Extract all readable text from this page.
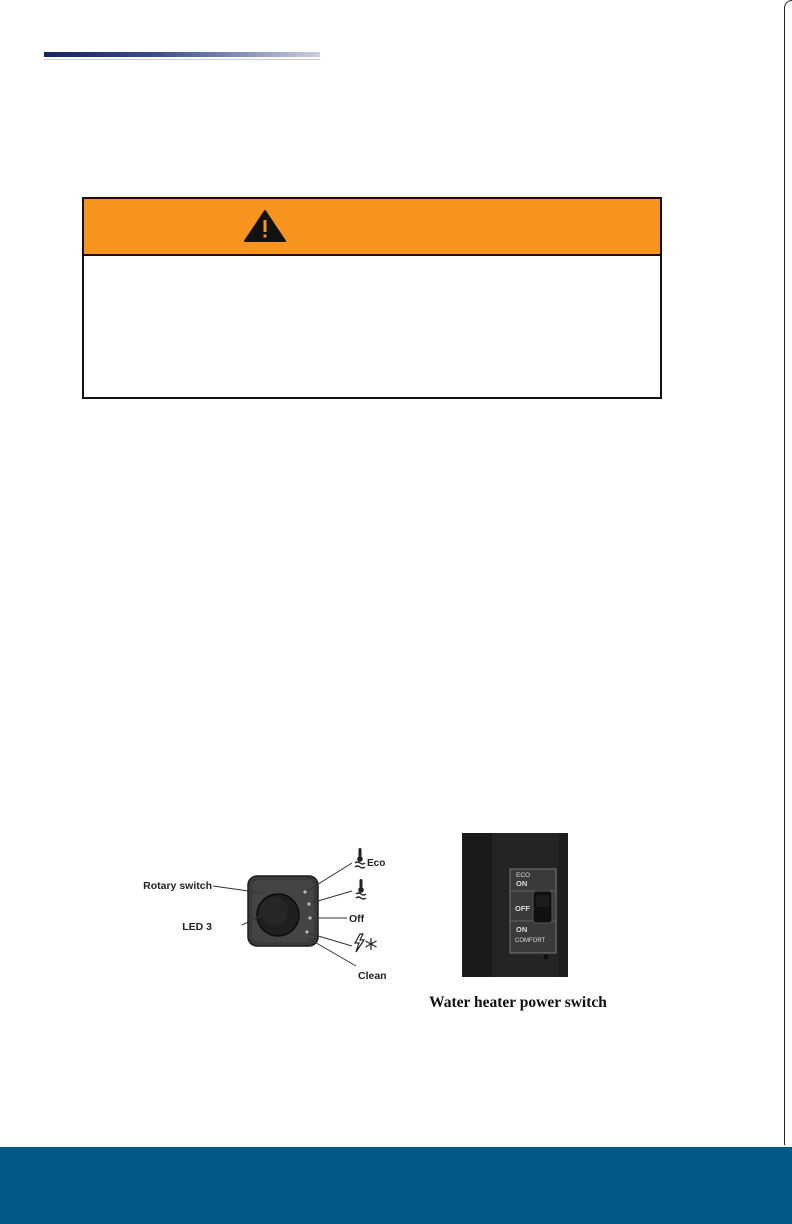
Rotary switch
LED 3
Eco
Off
Clean
ECO
ON
OFF
ON
COMFORT
Water heater power switch
